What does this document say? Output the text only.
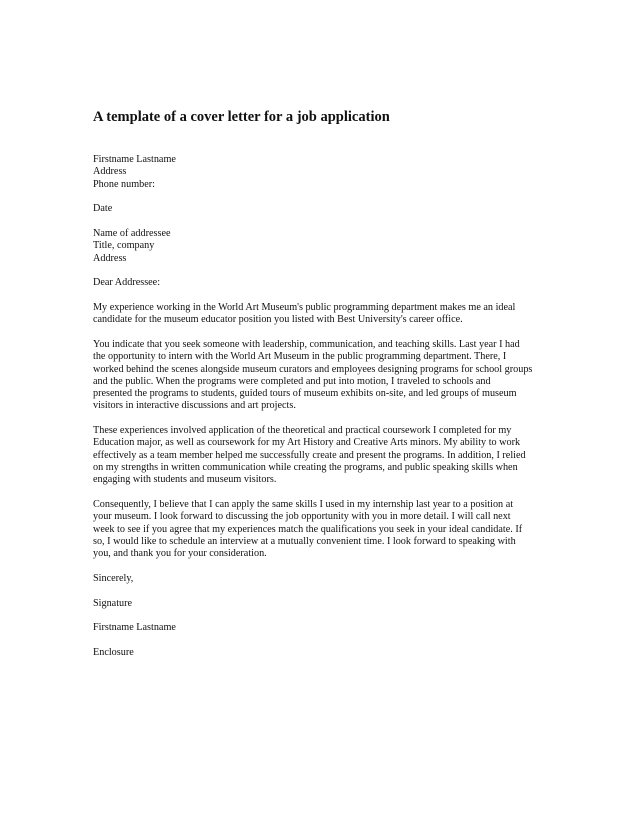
A template of a cover letter for a job application
Firstname Lastname
Address
Phone number:
Date
Name of addressee
Title, company
Address
Dear Addressee:

My experience working in the World Art Museum's public programming department makes me an ideal
candidate for the museum educator position you listed with Best University's career office.

You indicate that you seek someone with leadership, communication, and teaching skills. Last year I had
the opportunity to intern with the World Art Museum in the public programming department. There, I
worked behind the scenes alongside museum curators and employees designing programs for school groups
and the public. When the programs were completed and put into motion, I traveled to schools and
presented the programs to students, guided tours of museum exhibits on-site, and led groups of museum
visitors in interactive discussions and art projects.

These experiences involved application of the theoretical and practical coursework I completed for my
Education major, as well as coursework for my Art History and Creative Arts minors. My ability to work
effectively as a team member helped me successfully create and present the programs. In addition, I relied
on my strengths in written communication while creating the programs, and public speaking skills when
engaging with students and museum visitors.

Consequently, I believe that I can apply the same skills I used in my internship last year to a position at
your museum. I look forward to discussing the job opportunity with you in more detail. I will call next
week to see if you agree that my experiences match the qualifications you seek in your ideal candidate. If
so, I would like to schedule an interview at a mutually convenient time. I look forward to speaking with
you, and thank you for your consideration.

Sincerely,
Signature
Firstname Lastname
Enclosure
